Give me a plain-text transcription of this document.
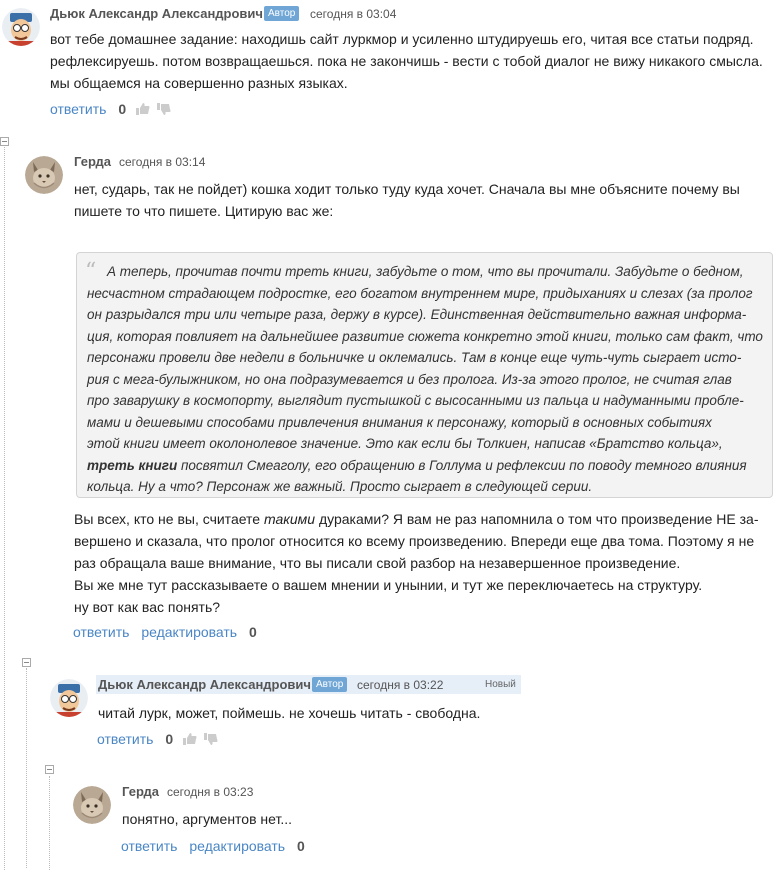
Дьюк Александр Александрович Автор	сегодня в 03:04
вот тебе домашнее задание: находишь сайт луркмор и усиленно штудируешь его, читая все статьи подряд.
рефлексируешь. потом возвращаешься. пока не закончишь - вести с тобой диалог не вижу никакого смысла.
мы общаемся на совершенно разных языках.
ответить 0
Герда сегодня в 03:14
нет, сударь, так не пойдет) кошка ходит только туду куда хочет. Сначала вы мне объясните почему вы
пишете то что пишете. Цитирую вас же:
“ А теперь, прочитав почти треть книги, забудьте о том, что вы прочитали. Забудьте о бедном,
несчастном страдающем подростке, его богатом внутреннем мире, придыханиях и слезах (за пролог
он разрыдался три или четыре раза, держу в курсе). Единственная действительно важная информа-
ция, которая повлияет на дальнейшее развитие сюжета конкретно этой книги, только сам факт, что
персонажи провели две недели в больничке и оклемались. Там в конце еще чуть-чуть сыграет исто-
рия с мега-булыжником, но она подразумевается и без пролога. Из-за этого пролог, не считая глав
про заварушку в космопорту, выглядит пустышкой с высосанными из пальца и надуманными пробле-
мами и дешевыми способами привлечения внимания к персонажу, который в основных событиях
этой книги имеет околонолевое значение. Это как если бы Толкиен, написав «Братство кольца»,
треть книги посвятил Смеаголу, его обращению в Голлума и рефлексии по поводу темного влияния
кольца. Ну а что? Персонаж же важный. Просто сыграет в следующей серии.
Вы всех, кто не вы, считаете такими дураками? Я вам не раз напомнила о том что произведение НЕ за-
вершено и сказала, что пролог относится ко всему произведению. Впереди еще два тома. Поэтому я не
раз обращала ваше внимание, что вы писали свой разбор на незавершенное произведение.
Вы же мне тут рассказываете о вашем мнении и унынии, и тут же переключаетесь на структуру.
ну вот как вас понять?
ответить редактировать 0
Дьюк Александр Александрович Автор	сегодня в 03:22	Новый
читай лурк, может, поймешь. не хочешь читать - свободна.
ответить 0
Герда сегодня в 03:23
понятно, аргументов нет...
ответить редактировать 0
